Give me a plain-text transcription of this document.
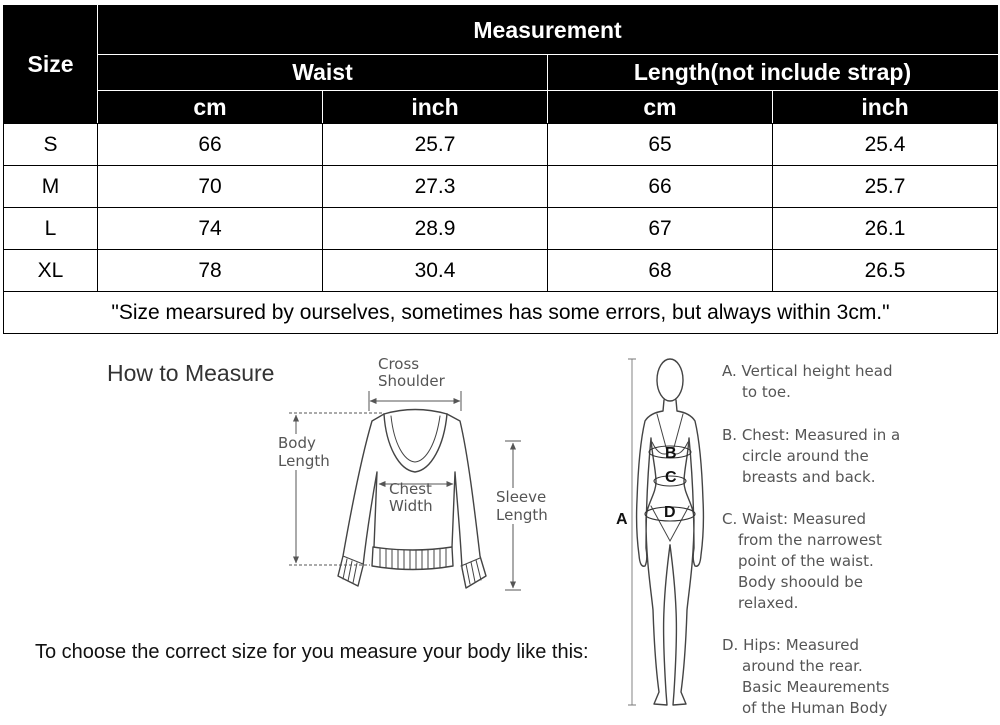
Size	Measurement			
	Waist		Length(not include strap)	
	cm	inch	cm	inch
S	66	25.7	65	25.4
M	70	27.3	66	25.7
L	74	28.9	67	26.1
XL	78	30.4	68	26.5
"Size mearsured by ourselves, sometimes has some errors, but always within 3cm."				
How to Measure
To choose the correct size for you measure your body like this:
Cross
Shoulder
Body
Length
Chest
Width	Sleeve
Length	A
B
C
D
A. Vertical height head
to toe.
B. Chest: Measured in a
circle around the
breasts and back.
C. Waist: Measured
from the narrowest
point of the waist.
Body shoould be
relaxed.
D. Hips: Measured
around the rear.
Basic Meaurements
of the Human Body
